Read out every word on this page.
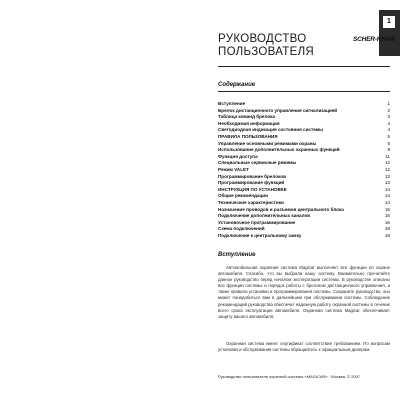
РУКОВОДСТВО
ПОЛЬЗОВАТЕЛЯ
1
SCHER-KHAN
Содержание
Вступление	1
Брелок дистанционного управления сигнализацией	2
Таблица команд брелока	3
Необходимая информация	4
Светодиодная индикация состояния системы	4
ПРАВИЛА ПОЛЬЗОВАНИЯ	5
Управление основными режимами охраны	5
Использование дополнительных охранных функций	8
Функция доступа	11
Специальные сервисные режимы	12
Режим VALET	12
Программирование брелоков	13
Программирование функций	13
ИНСТРУКЦИЯ ПО УСТАНОВКЕ	14
Общие рекомендации	14
Технические характеристики	14
Назначение проводов и разъемов центрального блока	15
Подключение дополнительных каналов	16
Установочное программирование	16
Схема подключений	18
Подключение к центральному замку	19
Вступление

Автомобильная охранная система Magicar выполняет все функции по охране автомобиля. Спасибо, что вы выбрали нашу систему. Внимательно прочитайте данное руководство перед началом эксплуатации системы. В руководстве описаны все функции системы и порядок работы с брелоком дистанционного управления, а также правила установки и программирования системы. Сохраните руководство, оно может понадобиться вам в дальнейшем при обслуживании системы. Соблюдение рекомендаций руководства обеспечит надежную работу охранной системы в течение всего срока эксплуатации автомобиля. Охранная система Magicar обеспечивает защиту вашего автомобиля.

Охранная система имеет сертификат соответствия требованиям. По вопросам установки и обслуживания системы обращайтесь к официальным дилерам.

Руководство пользователя охранной системы «MAGICAR» · Москва, © 2007
